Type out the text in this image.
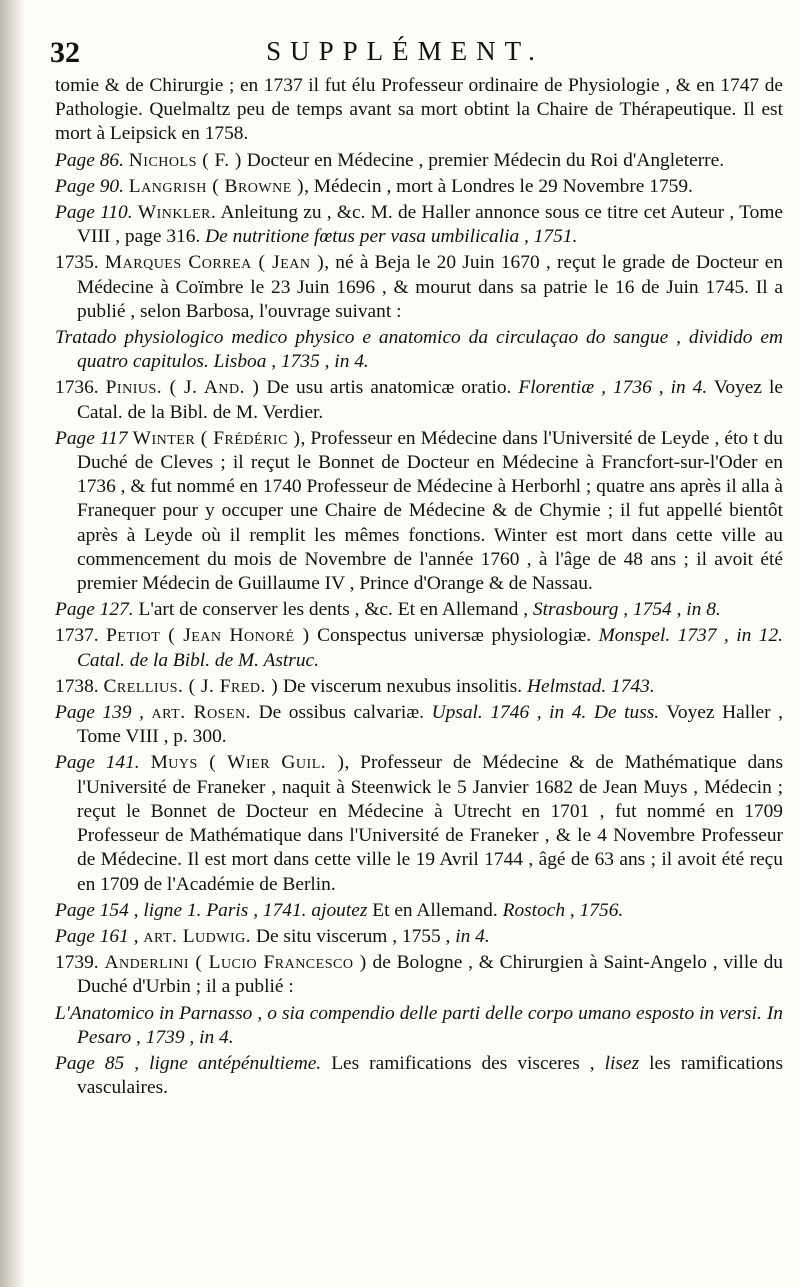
32	SUPPLÉMENT.

tomie & de Chirurgie ; en 1737 il fut élu Professeur ordinaire de Physiologie , & en 1747 de Pathologie. Quelmaltz peu de temps avant sa mort obtint la Chaire de Thérapeutique. Il est mort à Leipsick en 1758.

Page 86. Nichols ( F. ) Docteur en Médecine , premier Médecin du Roi d'Angleterre.

Page 90. Langrish ( Browne ), Médecin , mort à Londres le 29 Novembre 1759.

Page 110. Winkler. Anleitung zu , &c. M. de Haller annonce sous ce titre cet Auteur , Tome VIII , page 316. De nutritione fœtus per vasa umbilicalia , 1751.

1735. Marques Correa ( Jean ), né à Beja le 20 Juin 1670 , reçut le grade de Docteur en Médecine à Coïmbre le 23 Juin 1696 , & mourut dans sa patrie le 16 de Juin 1745. Il a publié , selon Barbosa, l'ouvrage suivant :

Tratado physiologico medico physico e anatomico da circulaçao do sangue , dividido em quatro capitulos. Lisboa , 1735 , in 4.

1736. Pinius. ( J. And. ) De usu artis anatomicæ oratio. Florentiæ , 1736 , in 4. Voyez le Catal. de la Bibl. de M. Verdier.

Page 117 Winter ( Frédéric ), Professeur en Médecine dans l'Université de Leyde , éto t du Duché de Cleves ; il reçut le Bonnet de Docteur en Médecine à Francfort-sur-l'Oder en 1736 , & fut nommé en 1740 Professeur de Médecine à Herborhl ; quatre ans après il alla à Franequer pour y occuper une Chaire de Médecine & de Chymie ; il fut appellé bientôt après à Leyde où il remplit les mêmes fonctions. Winter est mort dans cette ville au commencement du mois de Novembre de l'année 1760 , à l'âge de 48 ans ; il avoit été premier Médecin de Guillaume IV , Prince d'Orange & de Nassau.

Page 127. L'art de conserver les dents , &c. Et en Allemand , Strasbourg , 1754 , in 8.

1737. Petiot ( Jean Honoré ) Conspectus universæ physiologiæ. Monspel. 1737 , in 12. Catal. de la Bibl. de M. Astruc.

1738. Crellius. ( J. Fred. ) De viscerum nexubus insolitis. Helmstad. 1743.

Page 139 , art. Rosen. De ossibus calvariæ. Upsal. 1746 , in 4. De tuss. Voyez Haller , Tome VIII , p. 300.

Page 141. Muys ( Wier Guil. ), Professeur de Médecine & de Mathématique dans l'Université de Franeker , naquit à Steenwick le 5 Janvier 1682 de Jean Muys , Médecin ; reçut le Bonnet de Docteur en Médecine à Utrecht en 1701 , fut nommé en 1709 Professeur de Mathématique dans l'Université de Franeker , & le 4 Novembre Professeur de Médecine. Il est mort dans cette ville le 19 Avril 1744 , âgé de 63 ans ; il avoit été reçu en 1709 de l'Académie de Berlin.

Page 154 , ligne 1. Paris , 1741. ajoutez Et en Allemand. Rostoch , 1756.

Page 161 , art. Ludwig. De situ viscerum , 1755 , in 4.

1739. Anderlini ( Lucio Francesco ) de Bologne , & Chirurgien à Saint-Angelo , ville du Duché d'Urbin ; il a publié :

L'Anatomico in Parnasso , o sia compendio delle parti delle corpo umano esposto in versi. In Pesaro , 1739 , in 4.

Page 85 , ligne antépénultieme. Les ramifications des visceres , lisez les ramifications vasculaires.
